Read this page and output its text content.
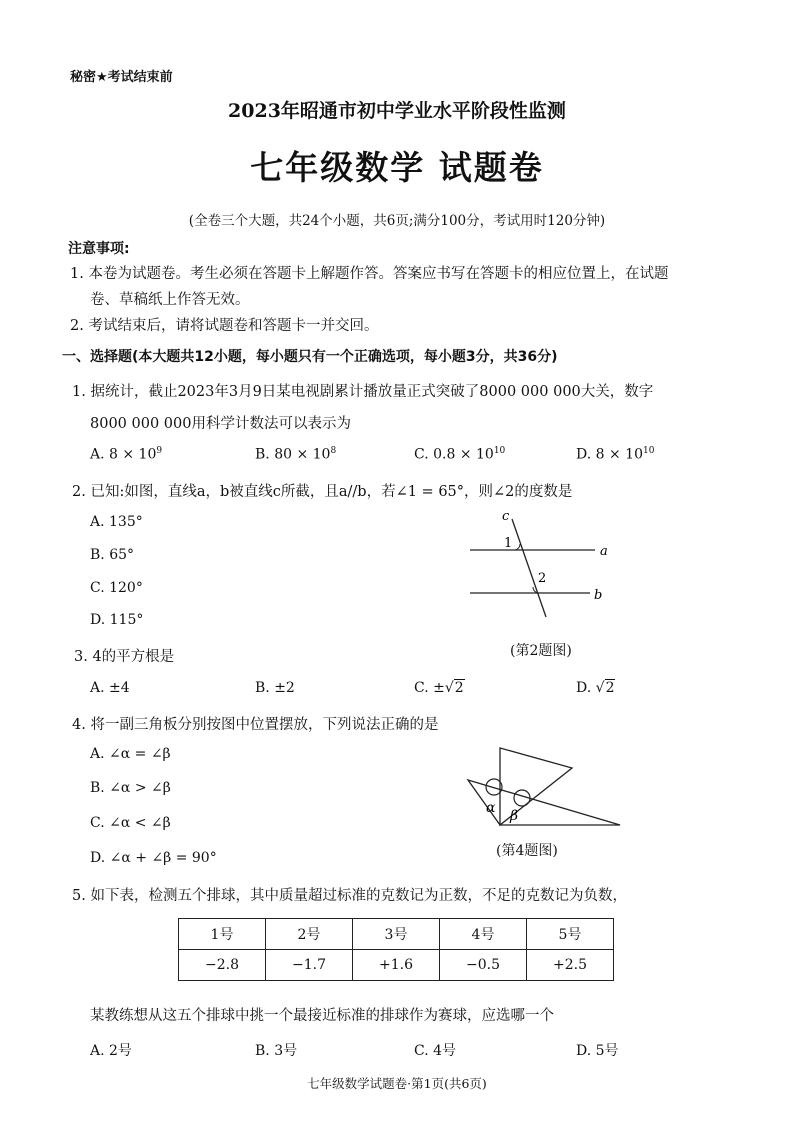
秘密★考试结束前
2023年昭通市初中学业水平阶段性监测
七年级数学 试题卷
(全卷三个大题，共24个小题，共6页;满分100分，考试用时120分钟)
注意事项:
1. 本卷为试题卷。考生必须在答题卡上解题作答。答案应书写在答题卡的相应位置上，在试题
卷、草稿纸上作答无效。
2. 考试结束后，请将试题卷和答题卡一并交回。
一、选择题(本大题共12小题，每小题只有一个正确选项，每小题3分，共36分)
1. 据统计，截止2023年3月9日某电视剧累计播放量正式突破了8000 000 000大关，数字
8000 000 000用科学计数法可以表示为
A. $8 \times 10^9$	B. $80 \times 10^8$	C. $0.8 \times 10^{10}$	D. $8 \times 10^{10}$
2. 已知:如图，直线a，b被直线c所截，且a//b，若∠1 = 65°，则∠2的度数是
A. 135°
B. 65°
C. 120°
D. 115°
c
1
a
2
b
(第2题图)
3. 4的平方根是
A. ±4	B. ±2	C. ±√2	D. √2
4. 将一副三角板分别按图中位置摆放，下列说法正确的是
A. ∠α = ∠β
B. ∠α > ∠β
C. ∠α < ∠β
D. ∠α + ∠β = 90°
α β
(第4题图)
5. 如下表，检测五个排球，其中质量超过标准的克数记为正数，不足的克数记为负数，
1号	2号	3号	4号	5号
−2.8	−1.7	+1.6	−0.5	+2.5
某教练想从这五个排球中挑一个最接近标准的排球作为赛球，应选哪一个
A. 2号	B. 3号	C. 4号	D. 5号
七年级数学试题卷·第1页(共6页)
